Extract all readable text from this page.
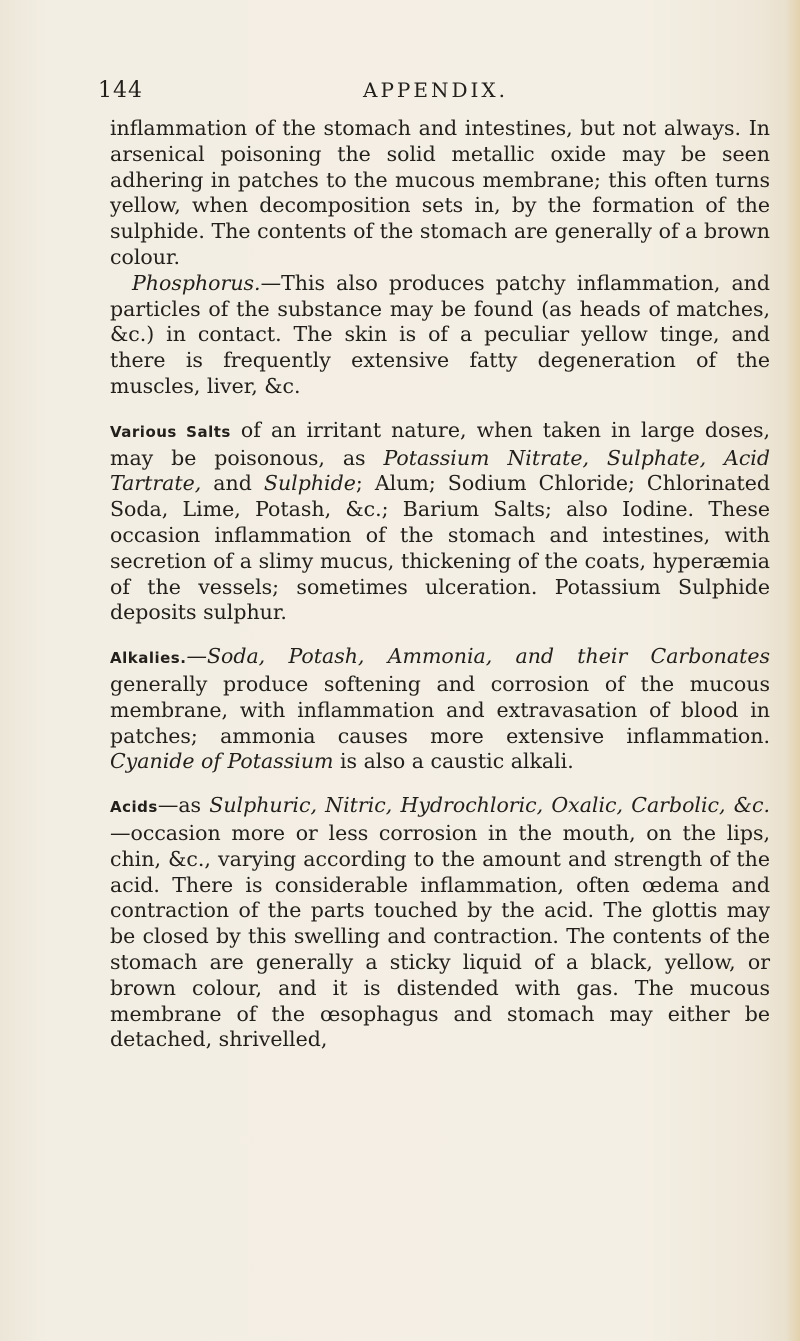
144	APPENDIX.

inflammation of the stomach and intestines, but not always. In arsenical poisoning the solid metallic oxide may be seen adhering in patches to the mucous membrane; this often turns yellow, when decomposition sets in, by the formation of the sulphide. The contents of the stomach are generally of a brown colour.

Phosphorus.—This also produces patchy inflammation, and particles of the substance may be found (as heads of matches, &c.) in contact. The skin is of a peculiar yellow tinge, and there is frequently extensive fatty degeneration of the muscles, liver, &c.

Various Salts of an irritant nature, when taken in large doses, may be poisonous, as Potassium Nitrate, Sulphate, Acid Tartrate, and Sulphide; Alum; Sodium Chloride; Chlorinated Soda, Lime, Potash, &c.; Barium Salts; also Iodine. These occasion inflammation of the stomach and intestines, with secretion of a slimy mucus, thickening of the coats, hyperæmia of the vessels; sometimes ulceration. Potassium Sulphide deposits sulphur.

Alkalies.—Soda, Potash, Ammonia, and their Carbonates generally produce softening and corrosion of the mucous membrane, with inflammation and extravasation of blood in patches; ammonia causes more extensive inflammation. Cyanide of Potassium is also a caustic alkali.

Acids—as Sulphuric, Nitric, Hydrochloric, Oxalic, Carbolic, &c.—occasion more or less corrosion in the mouth, on the lips, chin, &c., varying according to the amount and strength of the acid. There is considerable inflammation, often œdema and contraction of the parts touched by the acid. The glottis may be closed by this swelling and contraction. The contents of the stomach are generally a sticky liquid of a black, yellow, or brown colour, and it is distended with gas. The mucous membrane of the œsophagus and stomach may either be detached, shrivelled,
